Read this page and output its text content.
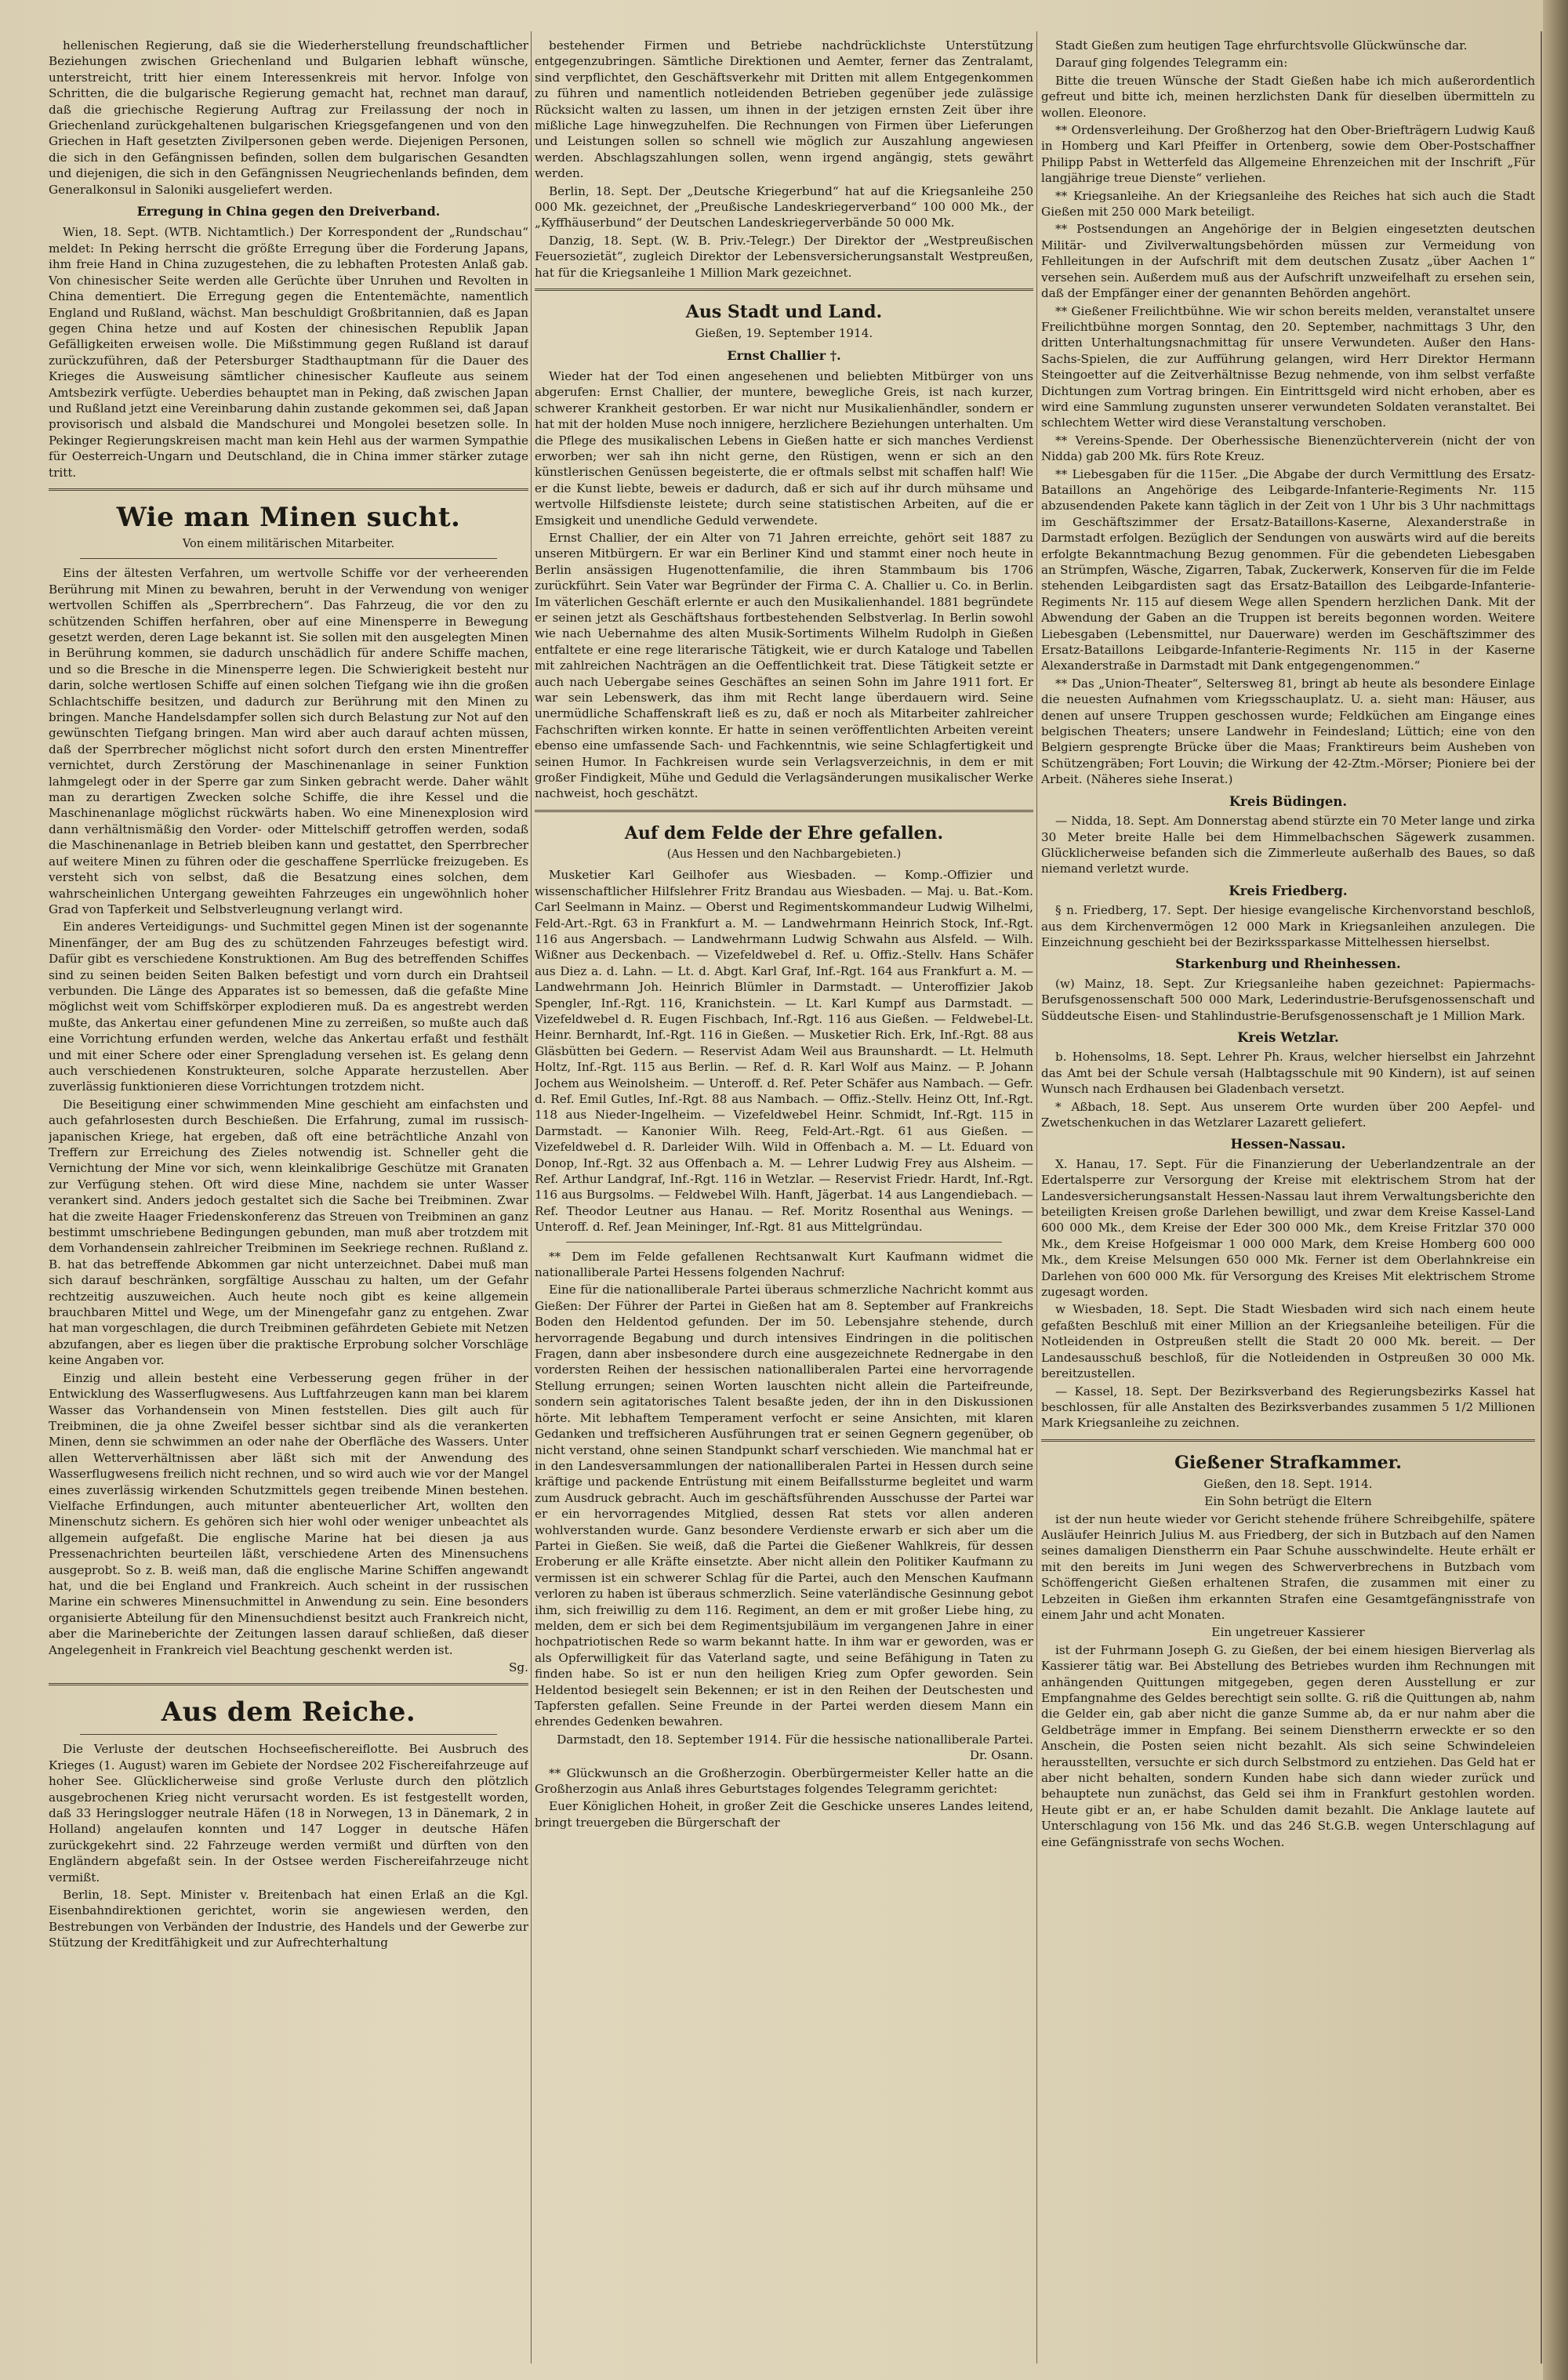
hellenischen Regierung, daß sie die Wiederherstellung freundschaftlicher Beziehungen zwischen Griechenland und Bulgarien lebhaft wünsche, unterstreicht, tritt hier einem Interessenkreis mit hervor. Infolge von Schritten, die die bulgarische Regierung gemacht hat, rechnet man darauf, daß die griechische Regierung Auftrag zur Freilassung der noch in Griechenland zurückgehaltenen bulgarischen Kriegsgefangenen und von den Griechen in Haft gesetzten Zivilpersonen geben werde. Diejenigen Personen, die sich in den Gefängnissen befinden, sollen dem bulgarischen Gesandten und diejenigen, die sich in den Gefängnissen Neugriechenlands befinden, dem Generalkonsul in Saloniki ausgeliefert werden.

Erregung in China gegen den Dreiverband.

Wien, 18. Sept. (WTB. Nichtamtlich.) Der Korrespondent der „Rundschau“ meldet: In Peking herrscht die größte Erregung über die Forderung Japans, ihm freie Hand in China zuzugestehen, die zu lebhaften Protesten Anlaß gab. Von chinesischer Seite werden alle Gerüchte über Unruhen und Revolten in China dementiert. Die Erregung gegen die Ententemächte, namentlich England und Rußland, wächst. Man beschuldigt Großbritannien, daß es Japan gegen China hetze und auf Kosten der chinesischen Republik Japan Gefälligkeiten erweisen wolle. Die Mißstimmung gegen Rußland ist darauf zurückzuführen, daß der Petersburger Stadthauptmann für die Dauer des Krieges die Ausweisung sämtlicher chinesischer Kaufleute aus seinem Amtsbezirk verfügte. Ueberdies behauptet man in Peking, daß zwischen Japan und Rußland jetzt eine Vereinbarung dahin zustande gekommen sei, daß Japan provisorisch und alsbald die Mandschurei und Mongolei besetzen solle. In Pekinger Regierungskreisen macht man kein Hehl aus der warmen Sympathie für Oesterreich-Ungarn und Deutschland, die in China immer stärker zutage tritt.

Wie man Minen sucht.

Von einem militärischen Mitarbeiter.

Eins der ältesten Verfahren, um wertvolle Schiffe vor der verheerenden Berührung mit Minen zu bewahren, beruht in der Verwendung von weniger wertvollen Schiffen als „Sperrbrechern“. Das Fahrzeug, die vor den zu schützenden Schiffen herfahren, ober auf eine Minensperre in Bewegung gesetzt werden, deren Lage bekannt ist. Sie sollen mit den ausgelegten Minen in Berührung kommen, sie dadurch unschädlich für andere Schiffe machen, und so die Bresche in die Minensperre legen. Die Schwierigkeit besteht nur darin, solche wertlosen Schiffe auf einen solchen Tiefgang wie ihn die großen Schlachtschiffe besitzen, und dadurch zur Berührung mit den Minen zu bringen. Manche Handelsdampfer sollen sich durch Belastung zur Not auf den gewünschten Tiefgang bringen. Man wird aber auch darauf achten müssen, daß der Sperrbrecher möglichst nicht sofort durch den ersten Minentreffer vernichtet, durch Zerstörung der Maschinenanlage in seiner Funktion lahmgelegt oder in der Sperre gar zum Sinken gebracht werde. Daher wählt man zu derartigen Zwecken solche Schiffe, die ihre Kessel und die Maschinenanlage möglichst rückwärts haben. Wo eine Minenexplosion wird dann verhältnismäßig den Vorder- oder Mittelschiff getroffen werden, sodaß die Maschinenanlage in Betrieb bleiben kann und gestattet, den Sperrbrecher auf weitere Minen zu führen oder die geschaffene Sperrlücke freizugeben. Es versteht sich von selbst, daß die Besatzung eines solchen, dem wahrscheinlichen Untergang geweihten Fahrzeuges ein ungewöhnlich hoher Grad von Tapferkeit und Selbstverleugnung verlangt wird.

Ein anderes Verteidigungs- und Suchmittel gegen Minen ist der sogenannte Minenfänger, der am Bug des zu schützenden Fahrzeuges befestigt wird. Dafür gibt es verschiedene Konstruktionen. Am Bug des betreffenden Schiffes sind zu seinen beiden Seiten Balken befestigt und vorn durch ein Drahtseil verbunden. Die Länge des Apparates ist so bemessen, daß die gefaßte Mine möglichst weit vom Schiffskörper explodieren muß. Da es angestrebt werden mußte, das Ankertau einer gefundenen Mine zu zerreißen, so mußte auch daß eine Vorrichtung erfunden werden, welche das Ankertau erfaßt und festhält und mit einer Schere oder einer Sprengladung versehen ist. Es gelang denn auch verschiedenen Konstrukteuren, solche Apparate herzustellen. Aber zuverlässig funktionieren diese Vorrichtungen trotzdem nicht.

Die Beseitigung einer schwimmenden Mine geschieht am einfachsten und auch gefahrlosesten durch Beschießen. Die Erfahrung, zumal im russisch-japanischen Kriege, hat ergeben, daß oft eine beträchtliche Anzahl von Treffern zur Erreichung des Zieles notwendig ist. Schneller geht die Vernichtung der Mine vor sich, wenn kleinkalibrige Geschütze mit Granaten zur Verfügung stehen. Oft wird diese Mine, nachdem sie unter Wasser verankert sind. Anders jedoch gestaltet sich die Sache bei Treibminen. Zwar hat die zweite Haager Friedenskonferenz das Streuen von Treibminen an ganz bestimmt umschriebene Bedingungen gebunden, man muß aber trotzdem mit dem Vorhandensein zahlreicher Treibminen im Seekriege rechnen. Rußland z. B. hat das betreffende Abkommen gar nicht unterzeichnet. Dabei muß man sich darauf beschränken, sorgfältige Ausschau zu halten, um der Gefahr rechtzeitig auszuweichen. Auch heute noch gibt es keine allgemein brauchbaren Mittel und Wege, um der Minengefahr ganz zu entgehen. Zwar hat man vorgeschlagen, die durch Treibminen gefährdeten Gebiete mit Netzen abzufangen, aber es liegen über die praktische Erprobung solcher Vorschläge keine Angaben vor.

Einzig und allein besteht eine Verbesserung gegen früher in der Entwicklung des Wasserflugwesens. Aus Luftfahrzeugen kann man bei klarem Wasser das Vorhandensein von Minen feststellen. Dies gilt auch für Treibminen, die ja ohne Zweifel besser sichtbar sind als die verankerten Minen, denn sie schwimmen an oder nahe der Oberfläche des Wassers. Unter allen Wetterverhältnissen aber läßt sich mit der Anwendung des Wasserflugwesens freilich nicht rechnen, und so wird auch wie vor der Mangel eines zuverlässig wirkenden Schutzmittels gegen treibende Minen bestehen. Vielfache Erfindungen, auch mitunter abenteuerlicher Art, wollten den Minenschutz sichern. Es gehören sich hier wohl oder weniger unbeachtet als allgemein aufgefaßt. Die englische Marine hat bei diesen ja aus Pressenachrichten beurteilen läßt, verschiedene Arten des Minensuchens ausgeprobt. So z. B. weiß man, daß die englische Marine Schiffen angewandt hat, und die bei England und Frankreich. Auch scheint in der russischen Marine ein schweres Minensuchmittel in Anwendung zu sein. Eine besonders organisierte Abteilung für den Minensuchdienst besitzt auch Frankreich nicht, aber die Marineberichte der Zeitungen lassen darauf schließen, daß dieser Angelegenheit in Frankreich viel Beachtung geschenkt werden ist.

Sg.

Aus dem Reiche.

Die Verluste der deutschen Hochseefischereiflotte. Bei Ausbruch des Krieges (1. August) waren im Gebiete der Nordsee 202 Fischereifahrzeuge auf hoher See. Glücklicherweise sind große Verluste durch den plötzlich ausgebrochenen Krieg nicht verursacht worden. Es ist festgestellt worden, daß 33 Heringslogger neutrale Häfen (18 in Norwegen, 13 in Dänemark, 2 in Holland) angelaufen konnten und 147 Logger in deutsche Häfen zurückgekehrt sind. 22 Fahrzeuge werden vermißt und dürften von den Engländern abgefaßt sein. In der Ostsee werden Fischereifahrzeuge nicht vermißt.

Berlin, 18. Sept. Minister v. Breitenbach hat einen Erlaß an die Kgl. Eisenbahndirektionen gerichtet, worin sie angewiesen werden, den Bestrebungen von Verbänden der Industrie, des Handels und der Gewerbe zur Stützung der Kreditfähigkeit und zur Aufrechterhaltung

bestehender Firmen und Betriebe nachdrücklichste Unterstützung entgegenzubringen. Sämtliche Direktionen und Aemter, ferner das Zentralamt, sind verpflichtet, den Geschäftsverkehr mit Dritten mit allem Entgegenkommen zu führen und namentlich notleidenden Betrieben gegenüber jede zulässige Rücksicht walten zu lassen, um ihnen in der jetzigen ernsten Zeit über ihre mißliche Lage hinwegzuhelfen. Die Rechnungen von Firmen über Lieferungen und Leistungen sollen so schnell wie möglich zur Auszahlung angewiesen werden. Abschlagszahlungen sollen, wenn irgend angängig, stets gewährt werden.

Berlin, 18. Sept. Der „Deutsche Kriegerbund“ hat auf die Kriegsanleihe 250 000 Mk. gezeichnet, der „Preußische Landeskriegerverband“ 100 000 Mk., der „Kyffhäuserbund“ der Deutschen Landeskriegerverbände 50 000 Mk.

Danzig, 18. Sept. (W. B. Priv.-Telegr.) Der Direktor der „Westpreußischen Feuersozietät“, zugleich Direktor der Lebensversicherungsanstalt Westpreußen, hat für die Kriegsanleihe 1 Million Mark gezeichnet.

Aus Stadt und Land.

Gießen, 19. September 1914.

Ernst Challier †.

Wieder hat der Tod einen angesehenen und beliebten Mitbürger von uns abgerufen: Ernst Challier, der muntere, bewegliche Greis, ist nach kurzer, schwerer Krankheit gestorben. Er war nicht nur Musikalienhändler, sondern er hat mit der holden Muse noch innigere, herzlichere Beziehungen unterhalten. Um die Pflege des musikalischen Lebens in Gießen hatte er sich manches Verdienst erworben; wer sah ihn nicht gerne, den Rüstigen, wenn er sich an den künstlerischen Genüssen begeisterte, die er oftmals selbst mit schaffen half! Wie er die Kunst liebte, beweis er dadurch, daß er sich auf ihr durch mühsame und wertvolle Hilfsdienste leistete; durch seine statistischen Arbeiten, auf die er Emsigkeit und unendliche Geduld verwendete.

Ernst Challier, der ein Alter von 71 Jahren erreichte, gehört seit 1887 zu unseren Mitbürgern. Er war ein Berliner Kind und stammt einer noch heute in Berlin ansässigen Hugenottenfamilie, die ihren Stammbaum bis 1706 zurückführt. Sein Vater war Begründer der Firma C. A. Challier u. Co. in Berlin. Im väterlichen Geschäft erlernte er auch den Musikalienhandel. 1881 begründete er seinen jetzt als Geschäftshaus fortbestehenden Selbstverlag. In Berlin sowohl wie nach Uebernahme des alten Musik-Sortiments Wilhelm Rudolph in Gießen entfaltete er eine rege literarische Tätigkeit, wie er durch Kataloge und Tabellen mit zahlreichen Nachträgen an die Oeffentlichkeit trat. Diese Tätigkeit setzte er auch nach Uebergabe seines Geschäftes an seinen Sohn im Jahre 1911 fort. Er war sein Lebenswerk, das ihm mit Recht lange überdauern wird. Seine unermüdliche Schaffenskraft ließ es zu, daß er noch als Mitarbeiter zahlreicher Fachschriften wirken konnte. Er hatte in seinen veröffentlichten Arbeiten vereint ebenso eine umfassende Sach- und Fachkenntnis, wie seine Schlagfertigkeit und seinen Humor. In Fachkreisen wurde sein Verlagsverzeichnis, in dem er mit großer Findigkeit, Mühe und Geduld die Verlagsänderungen musikalischer Werke nachweist, hoch geschätzt.

Auf dem Felde der Ehre gefallen.

(Aus Hessen und den Nachbargebieten.)

Musketier Karl Geilhofer aus Wiesbaden. — Komp.-Offizier und wissenschaftlicher Hilfslehrer Fritz Brandau aus Wiesbaden. — Maj. u. Bat.-Kom. Carl Seelmann in Mainz. — Oberst und Regimentskommandeur Ludwig Wilhelmi, Feld-Art.-Rgt. 63 in Frankfurt a. M. — Landwehrmann Heinrich Stock, Inf.-Rgt. 116 aus Angersbach. — Landwehrmann Ludwig Schwahn aus Alsfeld. — Wilh. Wißner aus Deckenbach. — Vizefeldwebel d. Ref. u. Offiz.-Stellv. Hans Schäfer aus Diez a. d. Lahn. — Lt. d. Abgt. Karl Graf, Inf.-Rgt. 164 aus Frankfurt a. M. — Landwehrmann Joh. Heinrich Blümler in Darmstadt. — Unteroffizier Jakob Spengler, Inf.-Rgt. 116, Kranichstein. — Lt. Karl Kumpf aus Darmstadt. — Vizefeldwebel d. R. Eugen Fischbach, Inf.-Rgt. 116 aus Gießen. — Feldwebel-Lt. Heinr. Bernhardt, Inf.-Rgt. 116 in Gießen. — Musketier Rich. Erk, Inf.-Rgt. 88 aus Gläsbütten bei Gedern. — Reservist Adam Weil aus Braunshardt. — Lt. Helmuth Holtz, Inf.-Rgt. 115 aus Berlin. — Ref. d. R. Karl Wolf aus Mainz. — P. Johann Jochem aus Weinolsheim. — Unteroff. d. Ref. Peter Schäfer aus Nambach. — Gefr. d. Ref. Emil Gutles, Inf.-Rgt. 88 aus Nambach. — Offiz.-Stellv. Heinz Ott, Inf.-Rgt. 118 aus Nieder-Ingelheim. — Vizefeldwebel Heinr. Schmidt, Inf.-Rgt. 115 in Darmstadt. — Kanonier Wilh. Reeg, Feld-Art.-Rgt. 61 aus Gießen. — Vizefeldwebel d. R. Darleider Wilh. Wild in Offenbach a. M. — Lt. Eduard von Donop, Inf.-Rgt. 32 aus Offenbach a. M. — Lehrer Ludwig Frey aus Alsheim. — Ref. Arthur Landgraf, Inf.-Rgt. 116 in Wetzlar. — Reservist Friedr. Hardt, Inf.-Rgt. 116 aus Burgsolms. — Feldwebel Wilh. Hanft, Jägerbat. 14 aus Langendiebach. — Ref. Theodor Leutner aus Hanau. — Ref. Moritz Rosenthal aus Wenings. — Unteroff. d. Ref. Jean Meininger, Inf.-Rgt. 81 aus Mittelgründau.

** Dem im Felde gefallenen Rechtsanwalt Kurt Kaufmann widmet die nationalliberale Partei Hessens folgenden Nachruf:

Eine für die nationalliberale Partei überaus schmerzliche Nachricht kommt aus Gießen: Der Führer der Partei in Gießen hat am 8. September auf Frankreichs Boden den Heldentod gefunden. Der im 50. Lebensjahre stehende, durch hervorragende Begabung und durch intensives Eindringen in die politischen Fragen, dann aber insbesondere durch eine ausgezeichnete Rednergabe in den vordersten Reihen der hessischen nationalliberalen Partei eine hervorragende Stellung errungen; seinen Worten lauschten nicht allein die Parteifreunde, sondern sein agitatorisches Talent besaßte jeden, der ihn in den Diskussionen hörte. Mit lebhaftem Temperament verfocht er seine Ansichten, mit klaren Gedanken und treffsicheren Ausführungen trat er seinen Gegnern gegenüber, ob nicht verstand, ohne seinen Standpunkt scharf verschieden. Wie manchmal hat er in den Landesversammlungen der nationalliberalen Partei in Hessen durch seine kräftige und packende Entrüstung mit einem Beifallssturme begleitet und warm zum Ausdruck gebracht. Auch im geschäftsführenden Ausschusse der Partei war er ein hervorragendes Mitglied, dessen Rat stets vor allen anderen wohlverstanden wurde. Ganz besondere Verdienste erwarb er sich aber um die Partei in Gießen. Sie weiß, daß die Partei die Gießener Wahlkreis, für dessen Eroberung er alle Kräfte einsetzte. Aber nicht allein den Politiker Kaufmann zu vermissen ist ein schwerer Schlag für die Partei, auch den Menschen Kaufmann verloren zu haben ist überaus schmerzlich. Seine vaterländische Gesinnung gebot ihm, sich freiwillig zu dem 116. Regiment, an dem er mit großer Liebe hing, zu melden, dem er sich bei dem Regimentsjubiläum im vergangenen Jahre in einer hochpatriotischen Rede so warm bekannt hatte. In ihm war er geworden, was er als Opferwilligkeit für das Vaterland sagte, und seine Befähigung in Taten zu finden habe. So ist er nun den heiligen Krieg zum Opfer geworden. Sein Heldentod besiegelt sein Bekennen; er ist in den Reihen der Deutschesten und Tapfersten gefallen. Seine Freunde in der Partei werden diesem Mann ein ehrendes Gedenken bewahren.

Darmstadt, den 18. September 1914. Für die hessische nationalliberale Partei. Dr. Osann.

** Glückwunsch an die Großherzogin. Oberbürgermeister Keller hatte an die Großherzogin aus Anlaß ihres Geburtstages folgendes Telegramm gerichtet:

Euer Königlichen Hoheit, in großer Zeit die Geschicke unseres Landes leitend, bringt treuergeben die Bürgerschaft der

Stadt Gießen zum heutigen Tage ehrfurchtsvolle Glückwünsche dar.

Darauf ging folgendes Telegramm ein:

Bitte die treuen Wünsche der Stadt Gießen habe ich mich außerordentlich gefreut und bitte ich, meinen herzlichsten Dank für dieselben übermitteln zu wollen. Eleonore.

** Ordensverleihung. Der Großherzog hat den Ober-Briefträgern Ludwig Kauß in Homberg und Karl Pfeiffer in Ortenberg, sowie dem Ober-Postschaffner Philipp Pabst in Wetterfeld das Allgemeine Ehrenzeichen mit der Inschrift „Für langjährige treue Dienste“ verliehen.

** Kriegsanleihe. An der Kriegsanleihe des Reiches hat sich auch die Stadt Gießen mit 250 000 Mark beteiligt.

** Postsendungen an Angehörige der in Belgien eingesetzten deutschen Militär- und Zivilverwaltungsbehörden müssen zur Vermeidung von Fehlleitungen in der Aufschrift mit dem deutschen Zusatz „über Aachen 1“ versehen sein. Außerdem muß aus der Aufschrift unzweifelhaft zu ersehen sein, daß der Empfänger einer der genannten Behörden angehört.

** Gießener Freilichtbühne. Wie wir schon bereits melden, veranstaltet unsere Freilichtbühne morgen Sonntag, den 20. September, nachmittags 3 Uhr, den dritten Unterhaltungsnachmittag für unsere Verwundeten. Außer den Hans-Sachs-Spielen, die zur Aufführung gelangen, wird Herr Direktor Hermann Steingoetter auf die Zeitverhältnisse Bezug nehmende, von ihm selbst verfaßte Dichtungen zum Vortrag bringen. Ein Eintrittsgeld wird nicht erhoben, aber es wird eine Sammlung zugunsten unserer verwundeten Soldaten veranstaltet. Bei schlechtem Wetter wird diese Veranstaltung verschoben.

** Vereins-Spende. Der Oberhessische Bienenzüchterverein (nicht der von Nidda) gab 200 Mk. fürs Rote Kreuz.

** Liebesgaben für die 115er. „Die Abgabe der durch Vermittlung des Ersatz-Bataillons an Angehörige des Leibgarde-Infanterie-Regiments Nr. 115 abzusendenden Pakete kann täglich in der Zeit von 1 Uhr bis 3 Uhr nachmittags im Geschäftszimmer der Ersatz-Bataillons-Kaserne, Alexanderstraße in Darmstadt erfolgen. Bezüglich der Sendungen von auswärts wird auf die bereits erfolgte Bekanntmachung Bezug genommen. Für die gebendeten Liebesgaben an Strümpfen, Wäsche, Zigarren, Tabak, Zuckerwerk, Konserven für die im Felde stehenden Leibgardisten sagt das Ersatz-Bataillon des Leibgarde-Infanterie-Regiments Nr. 115 auf diesem Wege allen Spendern herzlichen Dank. Mit der Abwendung der Gaben an die Truppen ist bereits begonnen worden. Weitere Liebesgaben (Lebensmittel, nur Dauerware) werden im Geschäftszimmer des Ersatz-Bataillons Leibgarde-Infanterie-Regiments Nr. 115 in der Kaserne Alexanderstraße in Darmstadt mit Dank entgegengenommen.“

** Das „Union-Theater“, Seltersweg 81, bringt ab heute als besondere Einlage die neuesten Aufnahmen vom Kriegsschauplatz. U. a. sieht man: Häuser, aus denen auf unsere Truppen geschossen wurde; Feldküchen am Eingange eines belgischen Theaters; unsere Landwehr in Feindesland; Lüttich; eine von den Belgiern gesprengte Brücke über die Maas; Franktireurs beim Ausheben von Schützengräben; Fort Louvin; die Wirkung der 42-Ztm.-Mörser; Pioniere bei der Arbeit. (Näheres siehe Inserat.)

Kreis Büdingen.

— Nidda, 18. Sept. Am Donnerstag abend stürzte ein 70 Meter lange und zirka 30 Meter breite Halle bei dem Himmelbachschen Sägewerk zusammen. Glücklicherweise befanden sich die Zimmerleute außerhalb des Baues, so daß niemand verletzt wurde.

Kreis Friedberg.

§ n. Friedberg, 17. Sept. Der hiesige evangelische Kirchenvorstand beschloß, aus dem Kirchenvermögen 12 000 Mark in Kriegsanleihen anzulegen. Die Einzeichnung geschieht bei der Bezirkssparkasse Mittelhessen hierselbst.

Starkenburg und Rheinhessen.

(w) Mainz, 18. Sept. Zur Kriegsanleihe haben gezeichnet: Papiermachs-Berufsgenossenschaft 500 000 Mark, Lederindustrie-Berufsgenossenschaft und Süddeutsche Eisen- und Stahlindustrie-Berufsgenossenschaft je 1 Million Mark.

Kreis Wetzlar.

b. Hohensolms, 18. Sept. Lehrer Ph. Kraus, welcher hierselbst ein Jahrzehnt das Amt bei der Schule versah (Halbtagsschule mit 90 Kindern), ist auf seinen Wunsch nach Erdhausen bei Gladenbach versetzt.

* Aßbach, 18. Sept. Aus unserem Orte wurden über 200 Aepfel- und Zwetschenkuchen in das Wetzlarer Lazarett geliefert.

Hessen-Nassau.

X. Hanau, 17. Sept. Für die Finanzierung der Ueberlandzentrale an der Edertalsperre zur Versorgung der Kreise mit elektrischem Strom hat der Landesversicherungsanstalt Hessen-Nassau laut ihrem Verwaltungsberichte den beteiligten Kreisen große Darlehen bewilligt, und zwar dem Kreise Kassel-Land 600 000 Mk., dem Kreise der Eder 300 000 Mk., dem Kreise Fritzlar 370 000 Mk., dem Kreise Hofgeismar 1 000 000 Mark, dem Kreise Homberg 600 000 Mk., dem Kreise Melsungen 650 000 Mk. Ferner ist dem Oberlahnkreise ein Darlehen von 600 000 Mk. für Versorgung des Kreises Mit elektrischem Strome zugesagt worden.

w Wiesbaden, 18. Sept. Die Stadt Wiesbaden wird sich nach einem heute gefaßten Beschluß mit einer Million an der Kriegsanleihe beteiligen. Für die Notleidenden in Ostpreußen stellt die Stadt 20 000 Mk. bereit. — Der Landesausschuß beschloß, für die Notleidenden in Ostpreußen 30 000 Mk. bereitzustellen.

— Kassel, 18. Sept. Der Bezirksverband des Regierungsbezirks Kassel hat beschlossen, für alle Anstalten des Bezirksverbandes zusammen 5 1/2 Millionen Mark Kriegsanleihe zu zeichnen.

Gießener Strafkammer.

Gießen, den 18. Sept. 1914.

Ein Sohn betrügt die Eltern

ist der nun heute wieder vor Gericht stehende frühere Schreibgehilfe, spätere Ausläufer Heinrich Julius M. aus Friedberg, der sich in Butzbach auf den Namen seines damaligen Dienstherrn ein Paar Schuhe ausschwindelte. Heute erhält er mit den bereits im Juni wegen des Schwerverbrechens in Butzbach vom Schöffengericht Gießen erhaltenen Strafen, die zusammen mit einer zu Lebzeiten in Gießen ihm erkannten Strafen eine Gesamtgefängnisstrafe von einem Jahr und acht Monaten.

Ein ungetreuer Kassierer

ist der Fuhrmann Joseph G. zu Gießen, der bei einem hiesigen Bierverlag als Kassierer tätig war. Bei Abstellung des Betriebes wurden ihm Rechnungen mit anhängenden Quittungen mitgegeben, gegen deren Ausstellung er zur Empfangnahme des Geldes berechtigt sein sollte. G. riß die Quittungen ab, nahm die Gelder ein, gab aber nicht die ganze Summe ab, da er nur nahm aber die Geldbeträge immer in Empfang. Bei seinem Dienstherrn erweckte er so den Anschein, die Posten seien nicht bezahlt. Als sich seine Schwindeleien herausstellten, versuchte er sich durch Selbstmord zu entziehen. Das Geld hat er aber nicht behalten, sondern Kunden habe sich dann wieder zurück und behauptete nun zunächst, das Geld sei ihm in Frankfurt gestohlen worden. Heute gibt er an, er habe Schulden damit bezahlt. Die Anklage lautete auf Unterschlagung von 156 Mk. und das 246 St.G.B. wegen Unterschlagung auf eine Gefängnisstrafe von sechs Wochen.
